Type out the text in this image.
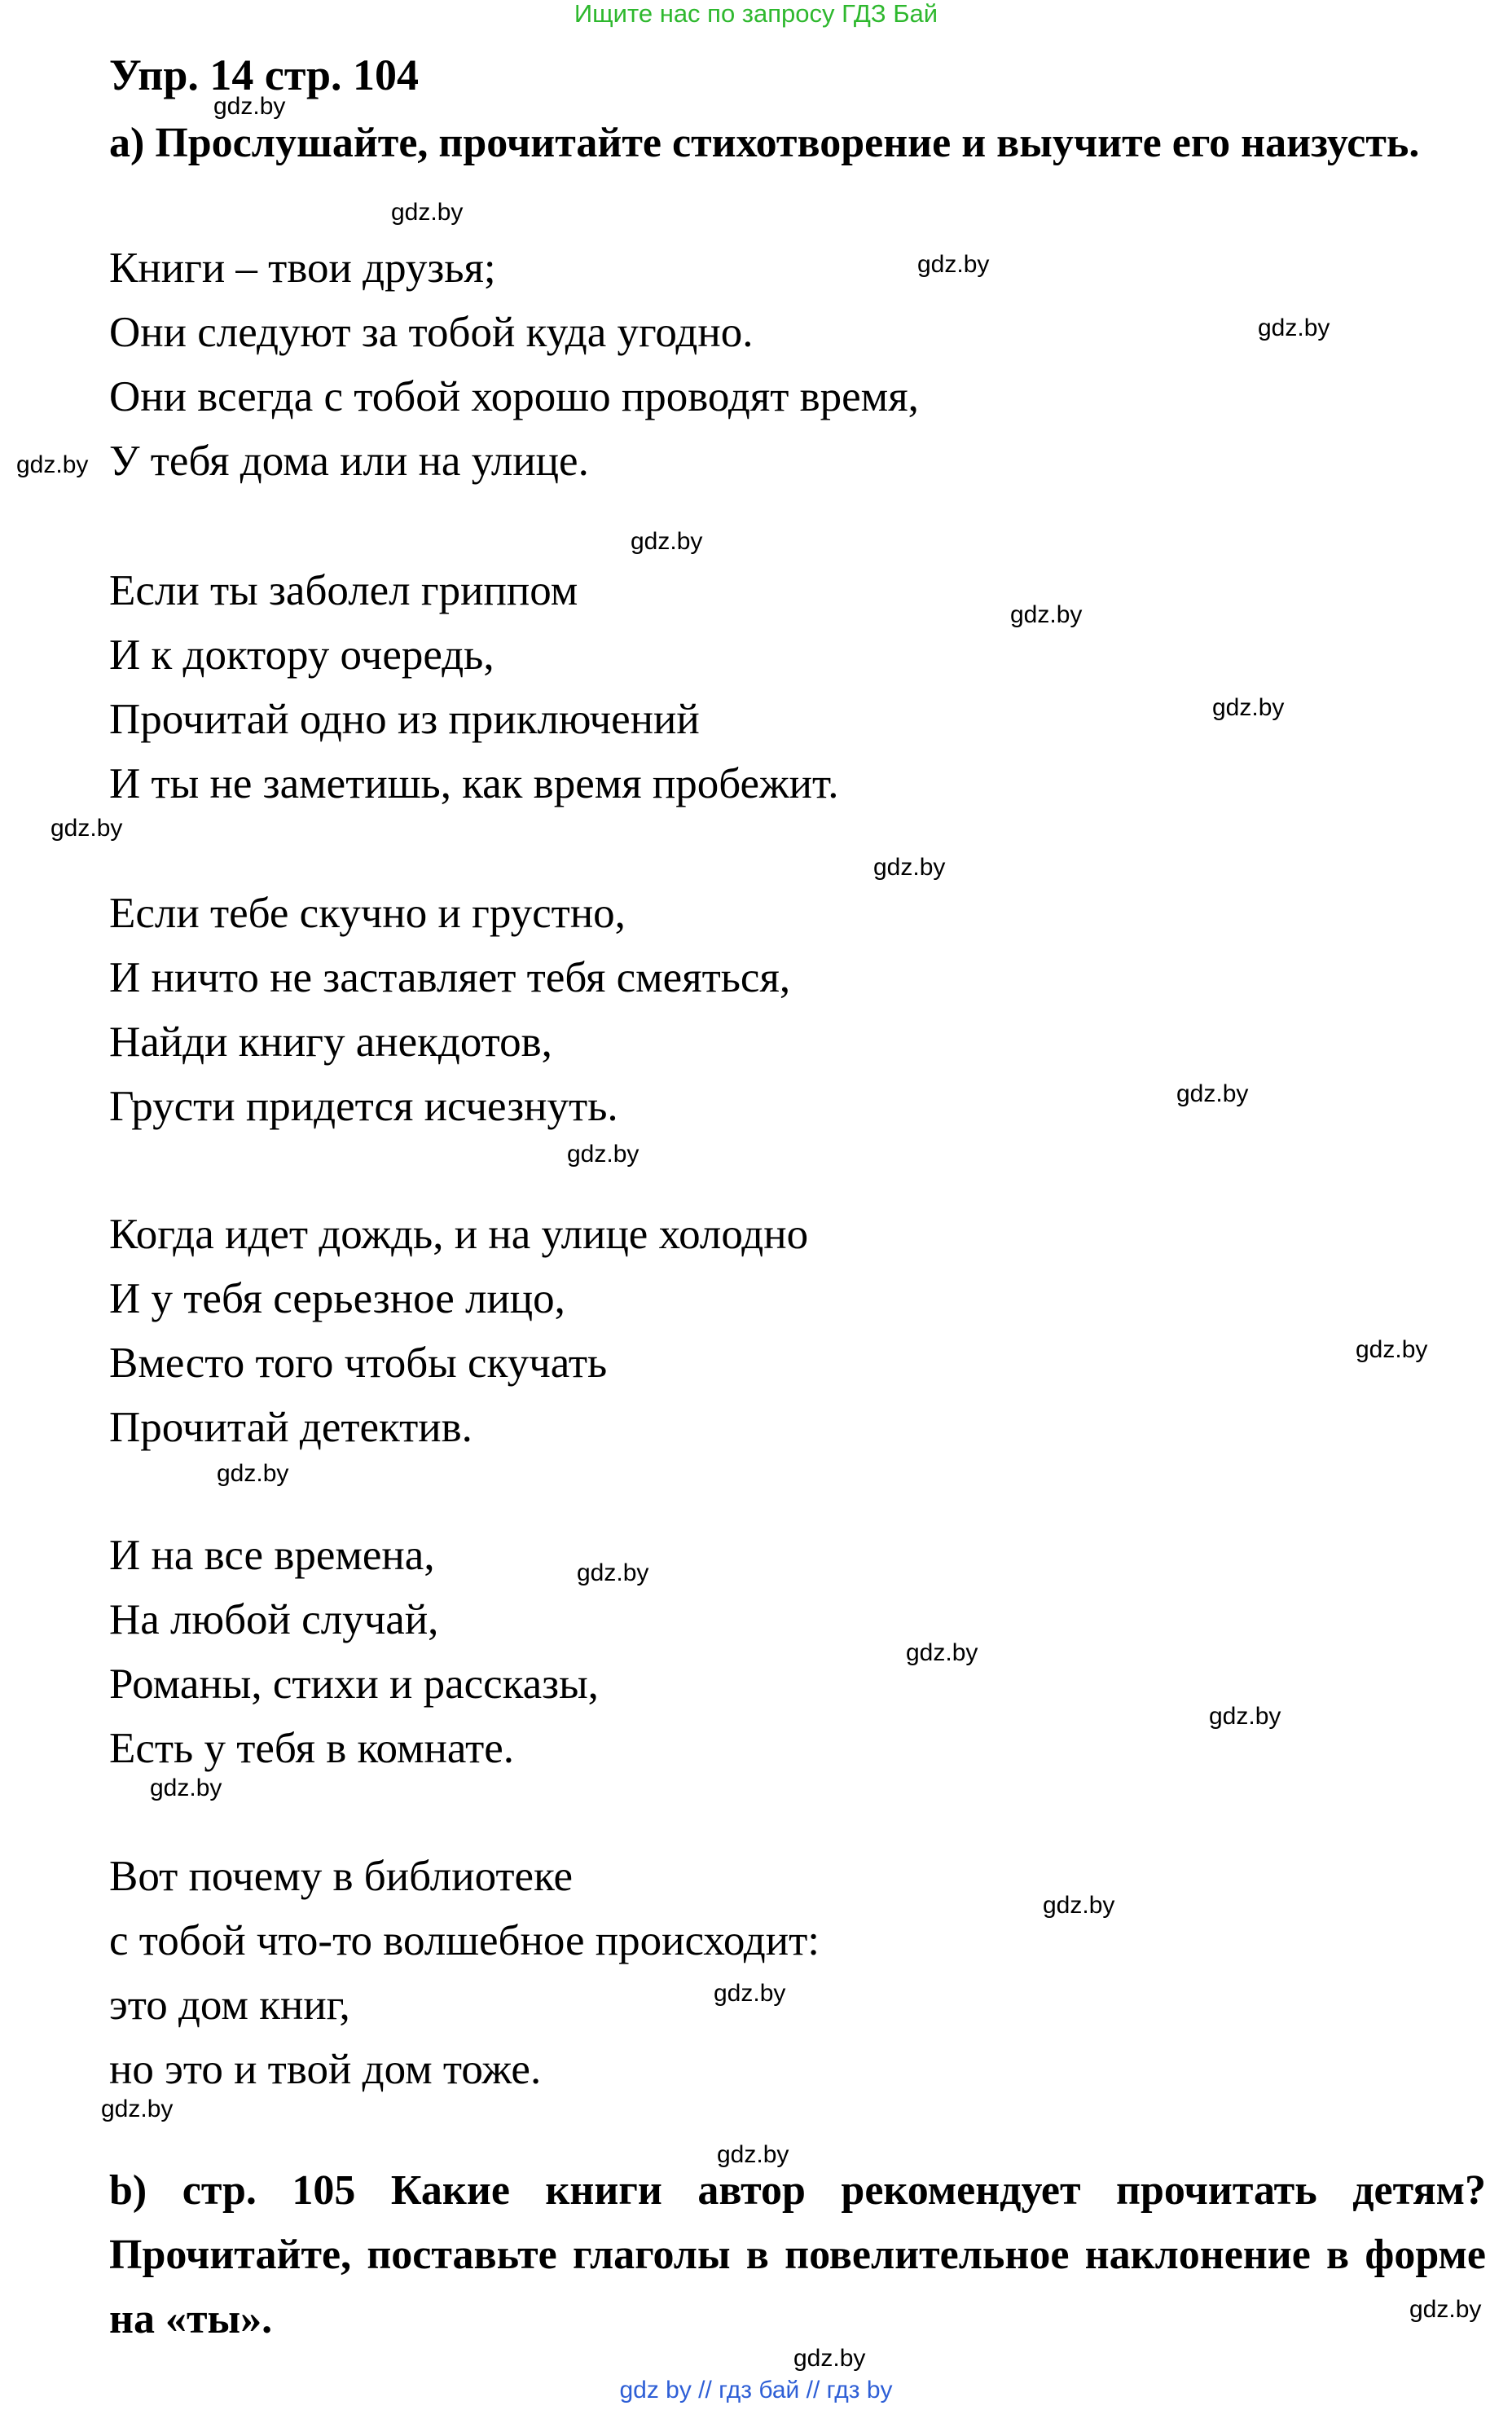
Ищите нас по запросу ГДЗ Бай
Упр. 14 стр. 104

а) Прослушайте, прочитайте стихотворение и выучите его наизусть.

Книги – твои друзья;
Они следуют за тобой куда угодно.
Они всегда с тобой хорошо проводят время,
У тебя дома или на улице.
Если ты заболел гриппом
И к доктору очередь,
Прочитай одно из приключений
И ты не заметишь, как время пробежит.
Если тебе скучно и грустно,
И ничто не заставляет тебя смеяться,
Найди книгу анекдотов,
Грусти придется исчезнуть.
Когда идет дождь, и на улице холодно
И у тебя серьезное лицо,
Вместо того чтобы скучать
Прочитай детектив.
И на все времена,
На любой случай,
Романы, стихи и рассказы,
Есть у тебя в комнате.
Вот почему в библиотеке
с тобой что-то волшебное происходит:
это дом книг,
но это и твой дом тоже.

b) стр. 105 Какие книги автор рекомендует прочитать детям? Прочитайте, поставьте глаголы в повелительное наклонение в форме на «ты».

gdz.by
gdz.by
gdz.by
gdz.by
gdz.by
gdz.by
gdz.by
gdz.by
gdz.by
gdz.by
gdz.by
gdz.by
gdz.by
gdz.by
gdz.by
gdz.by
gdz.by
gdz.by
gdz.by
gdz.by
gdz.by
gdz.by
gdz.by
gdz.by
gdz by // гдз бай // гдз by
